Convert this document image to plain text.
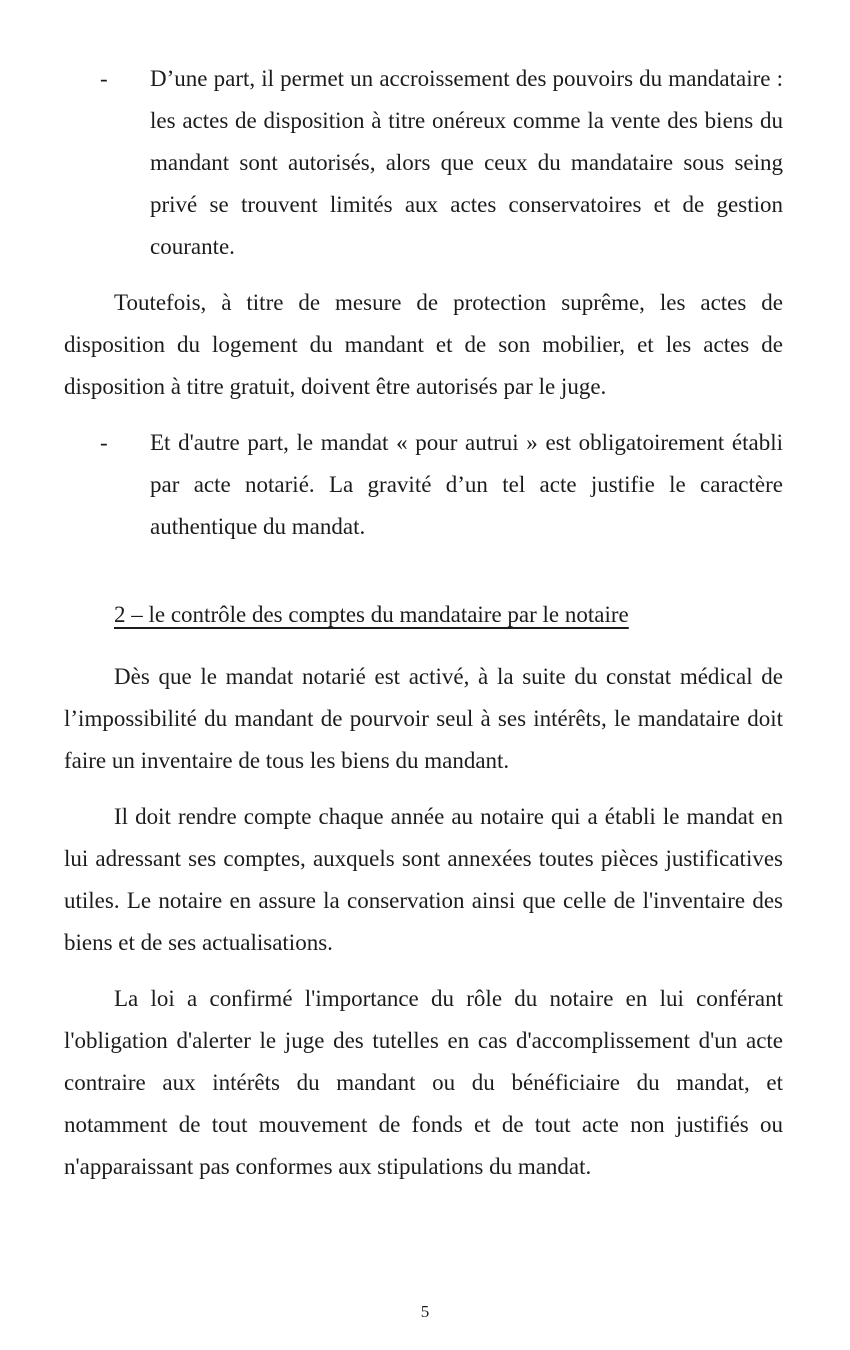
- D’une part, il permet un accroissement des pouvoirs du mandataire : les actes de disposition à titre onéreux comme la vente des biens du mandant sont autorisés, alors que ceux du mandataire sous seing privé se trouvent limités aux actes conservatoires et de gestion courante.

Toutefois, à titre de mesure de protection suprême, les actes de disposition du logement du mandant et de son mobilier, et les actes de disposition à titre gratuit, doivent être autorisés par le juge.

- Et d'autre part, le mandat « pour autrui » est obligatoirement établi par acte notarié. La gravité d’un tel acte justifie le caractère authentique du mandat.

2 – le contrôle des comptes du mandataire par le notaire

Dès que le mandat notarié est activé, à la suite du constat médical de l’impossibilité du mandant de pourvoir seul à ses intérêts, le mandataire doit faire un inventaire de tous les biens du mandant.

Il doit rendre compte chaque année au notaire qui a établi le mandat en lui adressant ses comptes, auxquels sont annexées toutes pièces justificatives utiles. Le notaire en assure la conservation ainsi que celle de l'inventaire des biens et de ses actualisations.

La loi a confirmé l'importance du rôle du notaire en lui conférant l'obligation d'alerter le juge des tutelles en cas d'accomplissement d'un acte contraire aux intérêts du mandant ou du bénéficiaire du mandat, et notamment de tout mouvement de fonds et de tout acte non justifiés ou n'apparaissant pas conformes aux stipulations du mandat.

5
